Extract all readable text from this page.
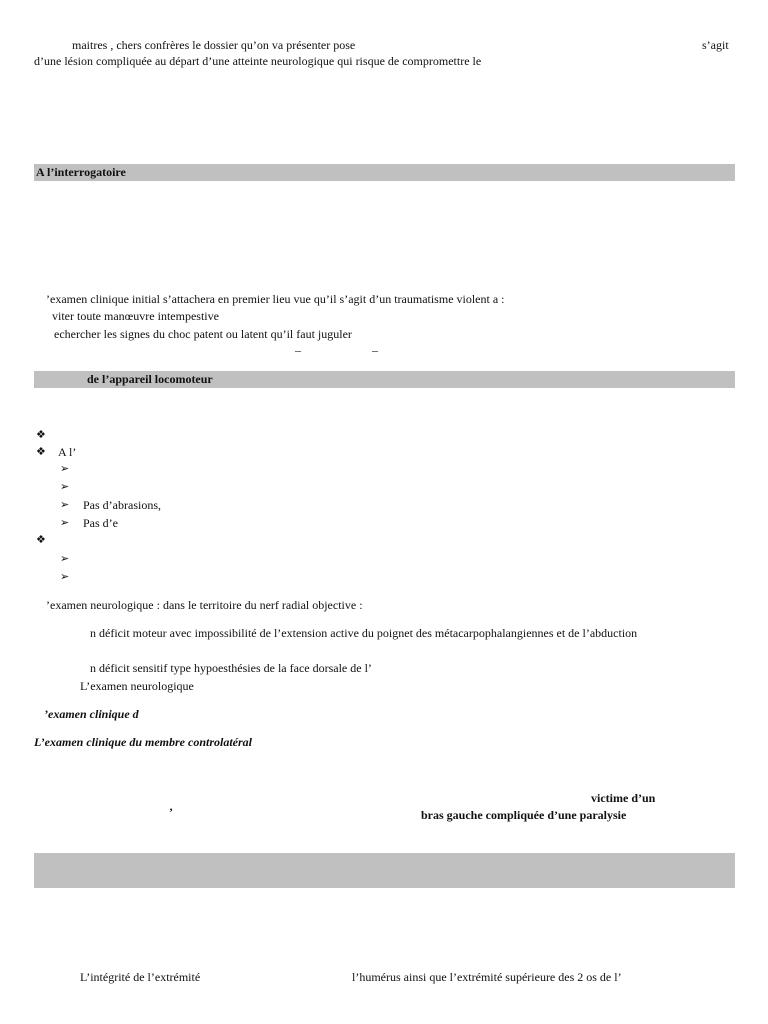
maitres , chers confrères le dossier qu’on va présenter pose	s’agit
d’une lésion compliquée au départ d’une atteinte neurologique qui risque de compromettre le
A l’interrogatoire
’examen clinique initial s’attachera en premier lieu vue qu’il s’agit d’un traumatisme violent a :
viter toute manœuvre intempestive
echercher les signes du choc patent ou latent qu’il faut juguler
–	–
de l’appareil locomoteur
❖
❖ A l’
➢
➢
➢ Pas d’abrasions,
➢ Pas d’e
❖
➢
➢
’examen neurologique : dans le territoire du nerf radial objective :
n déficit moteur avec impossibilité de l’extension active du poignet des métacarpophalangiennes et de l’abduction
n déficit sensitif type hypoesthésies de la face dorsale de l’
L’examen neurologique
’examen clinique d
L’examen clinique du membre controlatéral
victime d’un
’	bras gauche compliquée d’une paralysie
L’intégrité de l’extrémité	l’humérus ainsi que l’extrémité supérieure des 2 os de l’
